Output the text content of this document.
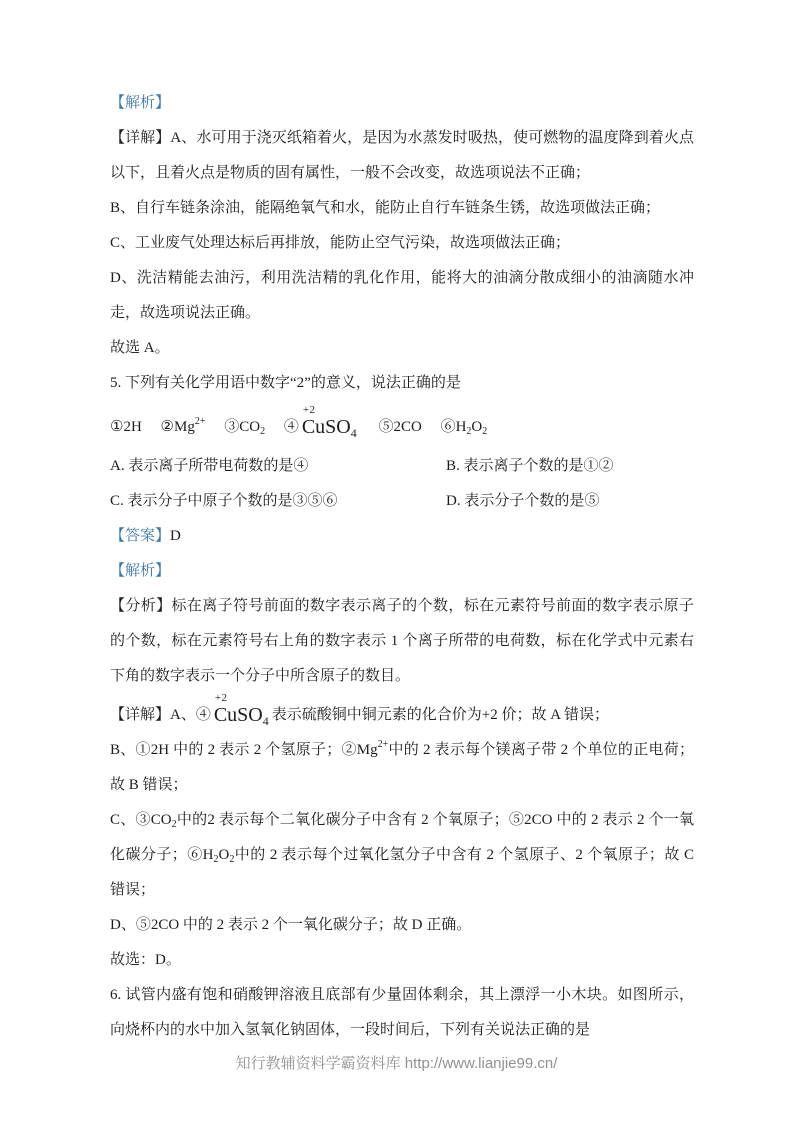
【解析】

【详解】A、水可用于浇灭纸箱着火，是因为水蒸发时吸热，使可燃物的温度降到着火点以下，且着火点是物质的固有属性，一般不会改变，故选项说法不正确；

B、自行车链条涂油，能隔绝氧气和水，能防止自行车链条生锈，故选项做法正确；

C、工业废气处理达标后再排放，能防止空气污染，故选项做法正确；

D、洗洁精能去油污，利用洗洁精的乳化作用，能将大的油滴分散成细小的油滴随水冲走，故选项说法正确。

故选 A。

5. 下列有关化学用语中数字“2”的意义，说法正确的是

①2H　 $②Mg^{2+}$　 $③CO_2$　 ④
+2
CuSO$_4$　 ⑤2CO　 $⑥H_2O_2$

A. 表示离子所带电荷数的是④	B. 表示离子个数的是①②
C. 表示分子中原子个数的是③⑤⑥	D. 表示分子个数的是⑤

【答案】D

【解析】

【分析】标在离子符号前面的数字表示离子的个数，标在元素符号前面的数字表示原子的个数，标在元素符号右上角的数字表示 1 个离子所带的电荷数，标在化学式中元素右下角的数字表示一个分子中所含原子的数目。

【详解】A、④
+2
CuSO$_4$ 表示硫酸铜中铜元素的化合价为+2 价；故 A 错误；

B、①2H 中的 2 表示 2 个氢原子；$②Mg^{2+}$中的 2 表示每个镁离子带 2 个单位的正电荷；故 B 错误；

C、$③CO_2$中的2 表示每个二氧化碳分子中含有 2 个氧原子；⑤2CO 中的 2 表示 2 个一氧化碳分子；$⑥H_2O_2$中的 2 表示每个过氧化氢分子中含有 2 个氢原子、2 个氧原子；故 C 错误；

D、⑤2CO 中的 2 表示 2 个一氧化碳分子；故 D 正确。

故选：D。

6. 试管内盛有饱和硝酸钾溶液且底部有少量固体剩余，其上漂浮一小木块。如图所示，向烧杯内的水中加入氢氧化钠固体，一段时间后，下列有关说法正确的是

知行教辅资料学霸资料库 http://www.lianjie99.cn/
